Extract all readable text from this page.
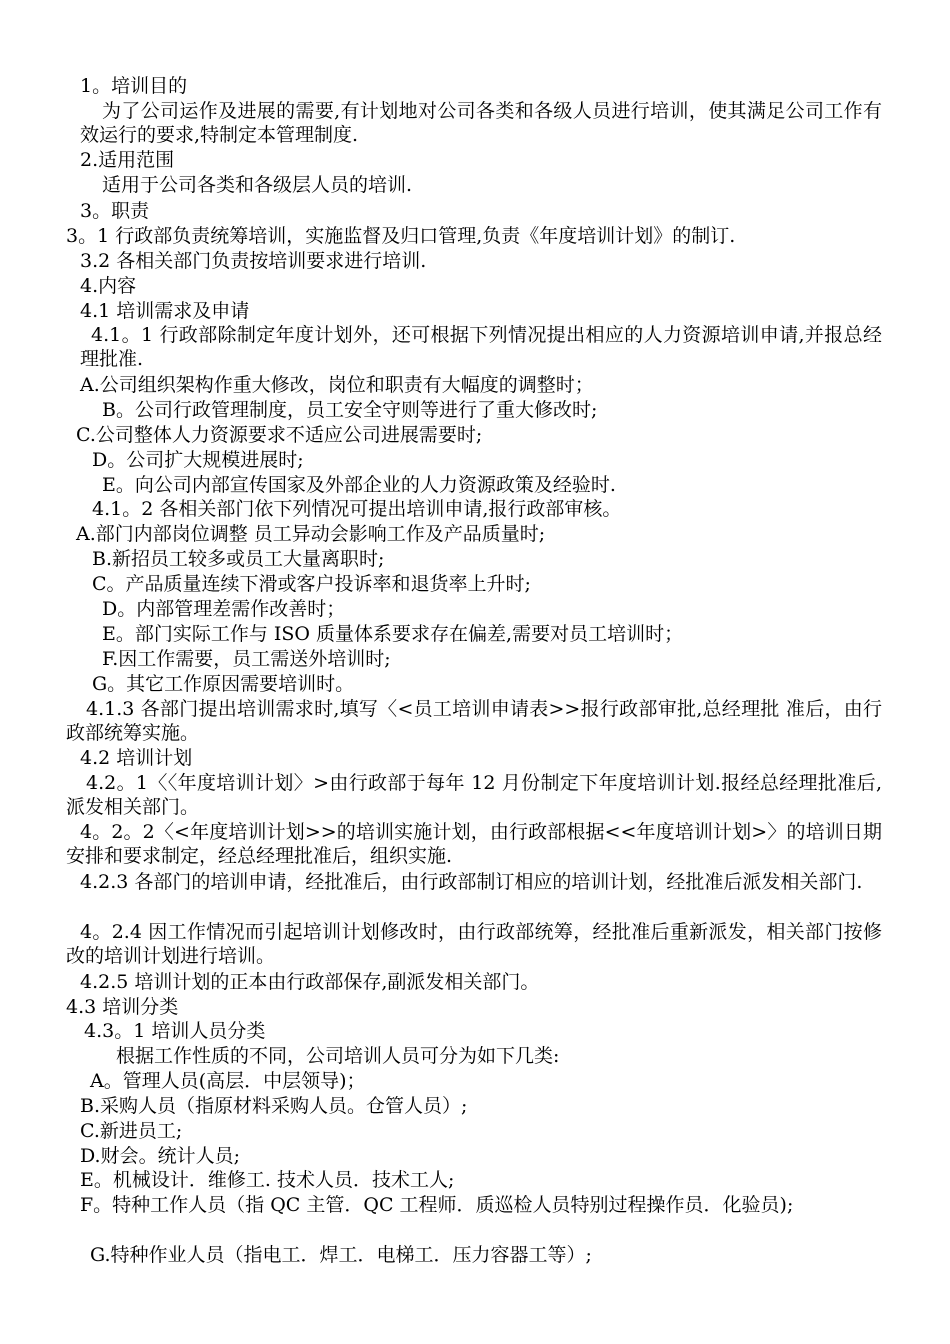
1。培训目的
为了公司运作及进展的需要,有计划地对公司各类和各级人员进行培训，使其满足公司工作有效运行的要求,特制定本管理制度.
2.适用范围
适用于公司各类和各级层人员的培训.
3。职责
3。1 行政部负责统筹培训，实施监督及归口管理,负责《年度培训计划》的制订.
3.2 各相关部门负责按培训要求进行培训.
4.内容
4.1 培训需求及申请
4.1。1 行政部除制定年度计划外，还可根据下列情况提出相应的人力资源培训申请,并报总经理批准.
A.公司组织架构作重大修改，岗位和职责有大幅度的调整时；
B。公司行政管理制度，员工安全守则等进行了重大修改时;
C.公司整体人力资源要求不适应公司进展需要时;
D。公司扩大规模进展时;
E。向公司内部宣传国家及外部企业的人力资源政策及经验时.
4.1。2 各相关部门依下列情况可提出培训申请,报行政部审核。
A.部门内部岗位调整 员工异动会影响工作及产品质量时;
B.新招员工较多或员工大量离职时;
C。产品质量连续下滑或客户投诉率和退货率上升时;
D。内部管理差需作改善时；
E。部门实际工作与 ISO 质量体系要求存在偏差,需要对员工培训时；
F.因工作需要，员工需送外培训时;
G。其它工作原因需要培训时。
4.1.3 各部门提出培训需求时,填写〈<员工培训申请表>>报行政部审批,总经理批 准后，由行政部统筹实施。
4.2 培训计划
4.2。1〈〈年度培训计划〉>由行政部于每年 12 月份制定下年度培训计划.报经总经理批准后,派发相关部门。
4。2。2〈<年度培训计划>>的培训实施计划，由行政部根据<<年度培训计划>〉的培训日期安排和要求制定，经总经理批准后，组织实施.
4.2.3 各部门的培训申请，经批准后，由行政部制订相应的培训计划，经批准后派发相关部门.
4。2.4 因工作情况而引起培训计划修改时，由行政部统筹，经批准后重新派发，相关部门按修改的培训计划进行培训。
4.2.5 培训计划的正本由行政部保存,副派发相关部门。
4.3 培训分类
4.3。1 培训人员分类
根据工作性质的不同，公司培训人员可分为如下几类:
A。管理人员(高层．中层领导)；
B.采购人员（指原材料采购人员。仓管人员）;
C.新进员工;
D.财会。统计人员;
E。机械设计．维修工. 技术人员．技术工人;
F。特种工作人员（指 QC 主管．QC 工程师．质巡检人员特别过程操作员．化验员);
G.特种作业人员（指电工．焊工．电梯工．压力容器工等）;
